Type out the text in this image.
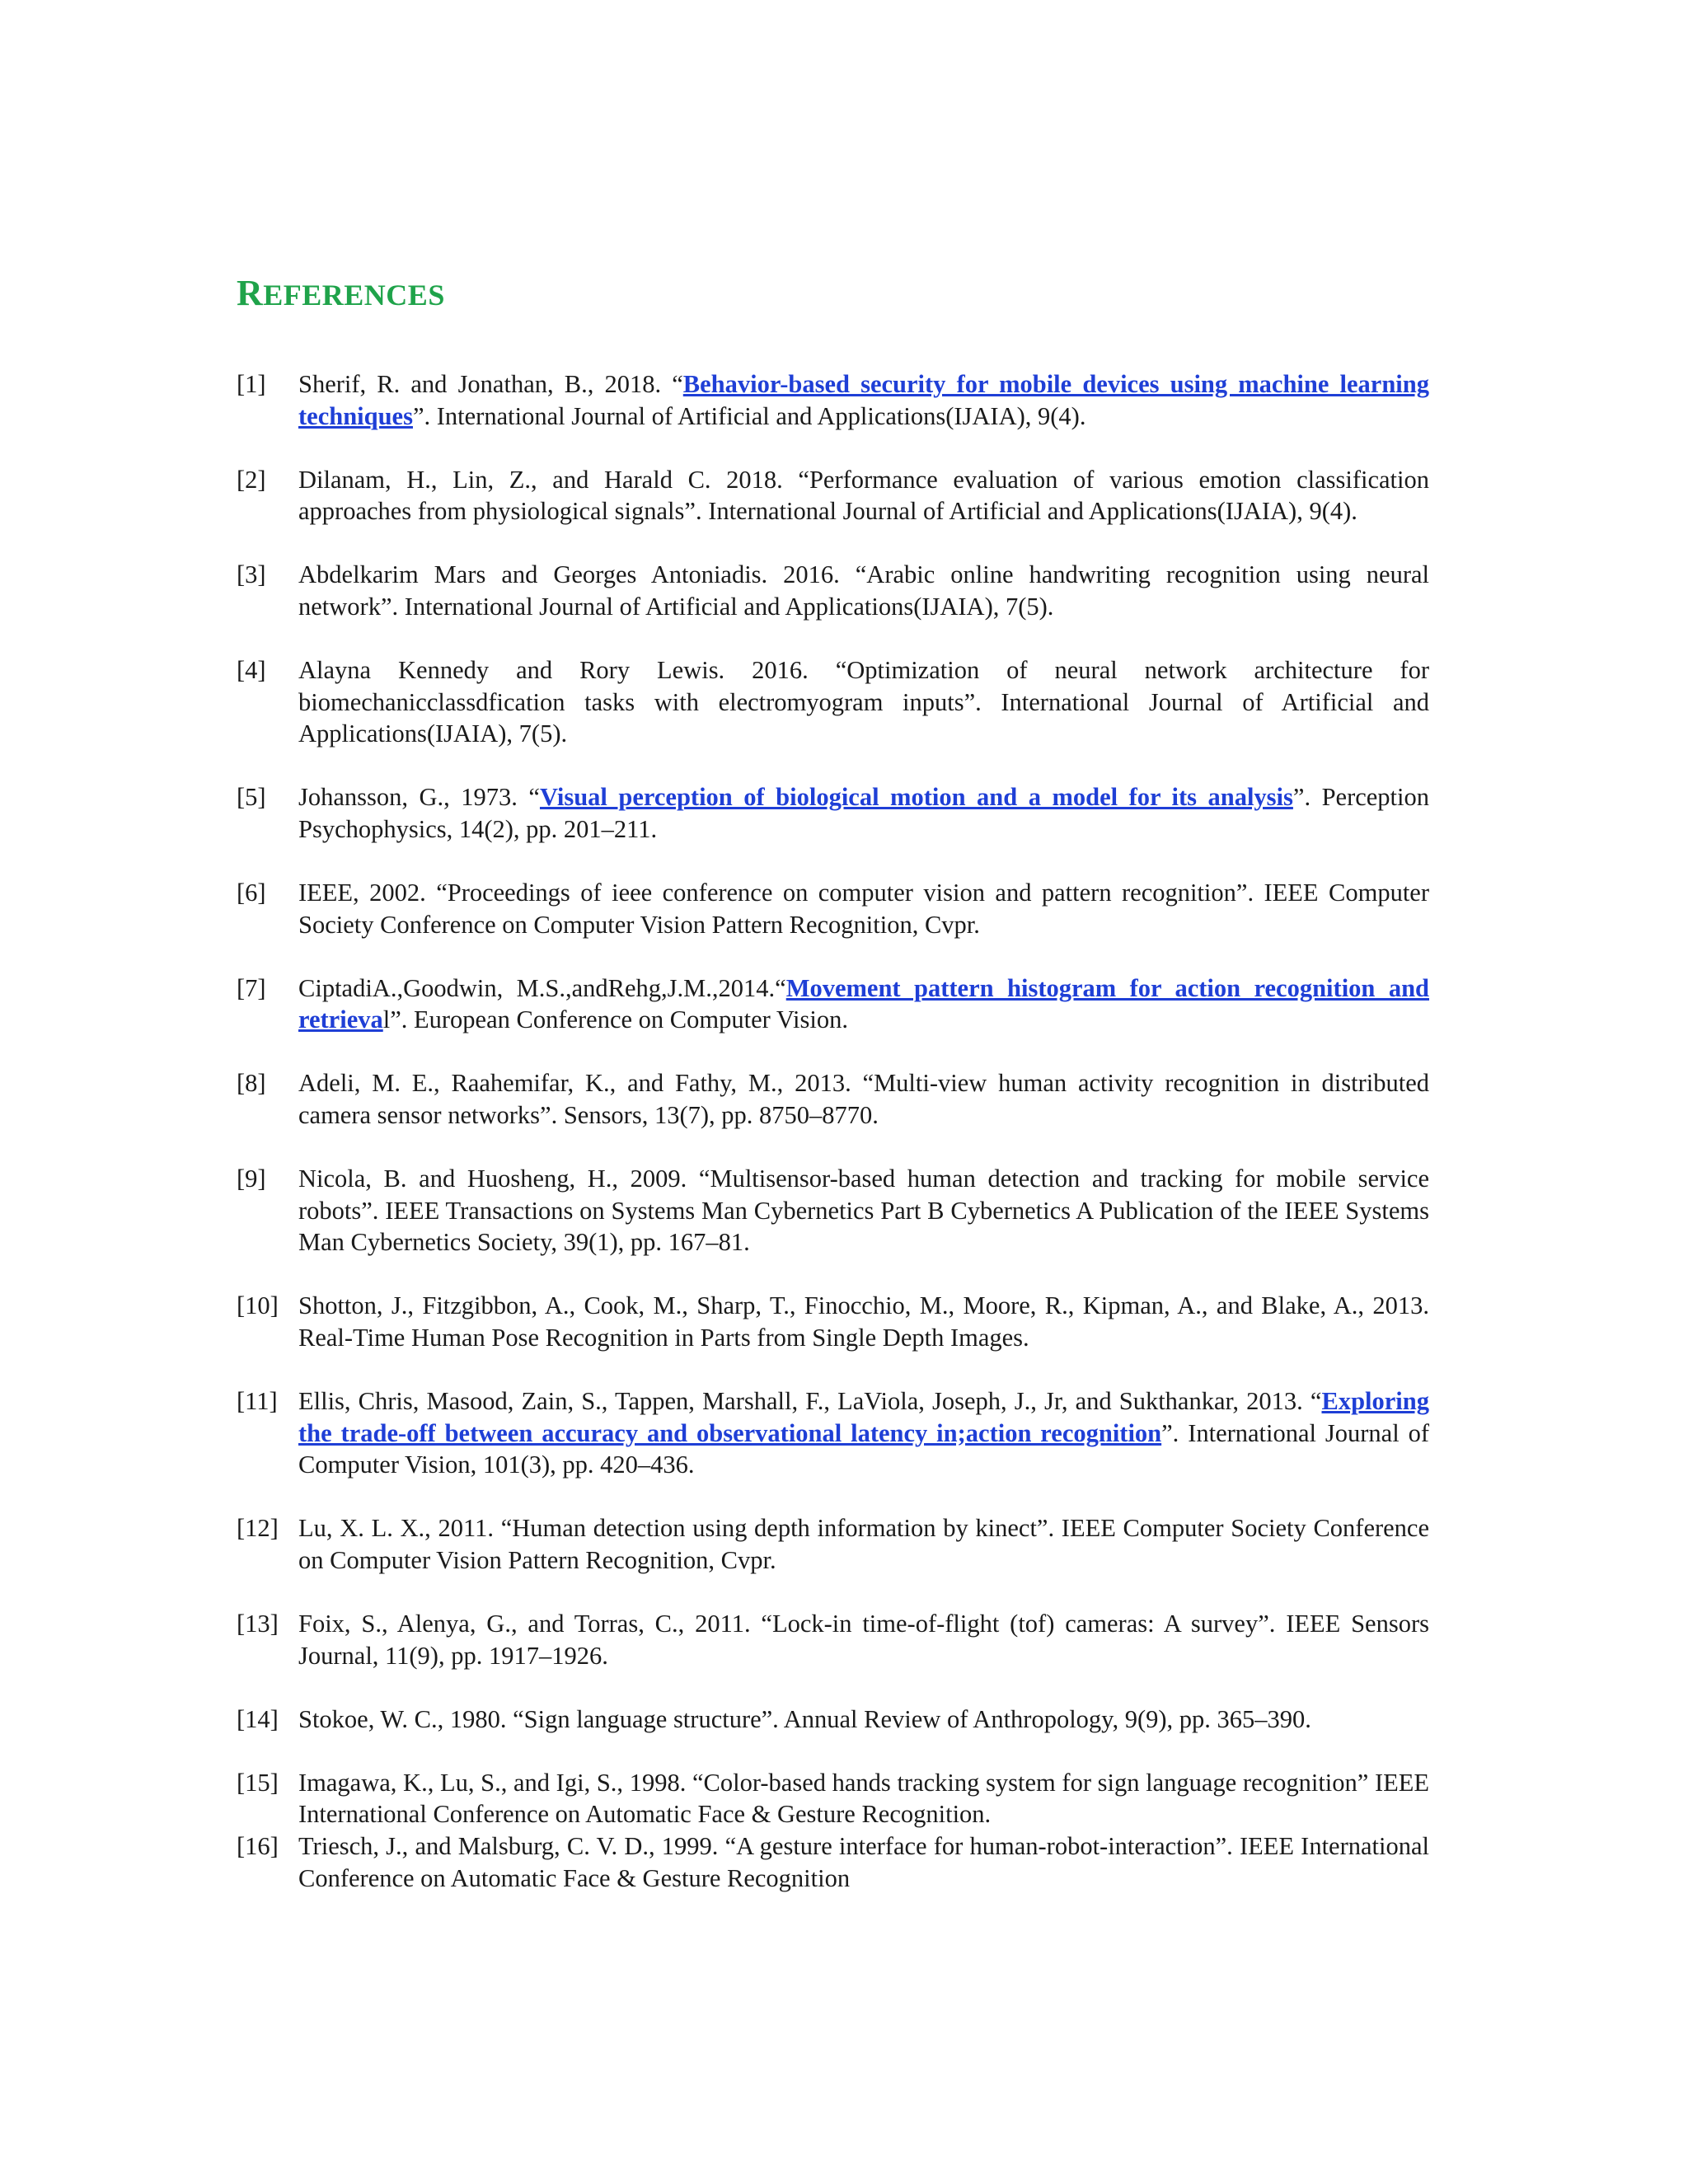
REFERENCES
[1]	Sherif, R. and Jonathan, B., 2018. “Behavior-based security for mobile devices using machine learning techniques”. International Journal of Artificial and Applications(IJAIA), 9(4).
[2]	Dilanam, H., Lin, Z., and Harald C. 2018. “Performance evaluation of various emotion classification approaches from physiological signals”. International Journal of Artificial and Applications(IJAIA), 9(4).
[3]	Abdelkarim Mars and Georges Antoniadis. 2016. “Arabic online handwriting recognition using neural network”. International Journal of Artificial and Applications(IJAIA), 7(5).
[4]	Alayna Kennedy and Rory Lewis. 2016. “Optimization of neural network architecture for biomechanicclassdfication tasks with electromyogram inputs”. International Journal of Artificial and Applications(IJAIA), 7(5).
[5]	Johansson, G., 1973. “Visual perception of biological motion and a model for its analysis”. Perception Psychophysics, 14(2), pp. 201–211.
[6]	IEEE, 2002. “Proceedings of ieee conference on computer vision and pattern recognition”. IEEE Computer Society Conference on Computer Vision Pattern Recognition, Cvpr.
[7]	CiptadiA.,Goodwin, M.S.,andRehg,J.M.,2014.“Movement pattern histogram for action recognition and retrieval”. European Conference on Computer Vision.
[8]	Adeli, M. E., Raahemifar, K., and Fathy, M., 2013. “Multi-view human activity recognition in distributed camera sensor networks”. Sensors, 13(7), pp. 8750–8770.
[9]	Nicola, B. and Huosheng, H., 2009. “Multisensor-based human detection and tracking for mobile service robots”. IEEE Transactions on Systems Man Cybernetics Part B Cybernetics A Publication of the IEEE Systems Man Cybernetics Society, 39(1), pp. 167–81.
[10] Shotton, J., Fitzgibbon, A., Cook, M., Sharp, T., Finocchio, M., Moore, R., Kipman, A., and Blake, A., 2013. Real-Time Human Pose Recognition in Parts from Single Depth Images.
[11] Ellis, Chris, Masood, Zain, S., Tappen, Marshall, F., LaViola, Joseph, J., Jr, and Sukthankar, 2013. “Exploring the trade-off between accuracy and observational latency in;action recognition”. International Journal of Computer Vision, 101(3), pp. 420–436.
[12] Lu, X. L. X., 2011. “Human detection using depth information by kinect”. IEEE Computer Society Conference on Computer Vision Pattern Recognition, Cvpr.
[13] Foix, S., Alenya, G., and Torras, C., 2011. “Lock-in time-of-flight (tof) cameras: A survey”. IEEE Sensors Journal, 11(9), pp. 1917–1926.
[14] Stokoe, W. C., 1980. “Sign language structure”. Annual Review of Anthropology, 9(9), pp. 365–390.
[15] Imagawa, K., Lu, S., and Igi, S., 1998. “Color-based hands tracking system for sign language recognition” IEEE International Conference on Automatic Face & Gesture Recognition.
[16] Triesch, J., and Malsburg, C. V. D., 1999. “A gesture interface for human-robot-interaction”. IEEE International Conference on Automatic Face & Gesture Recognition
